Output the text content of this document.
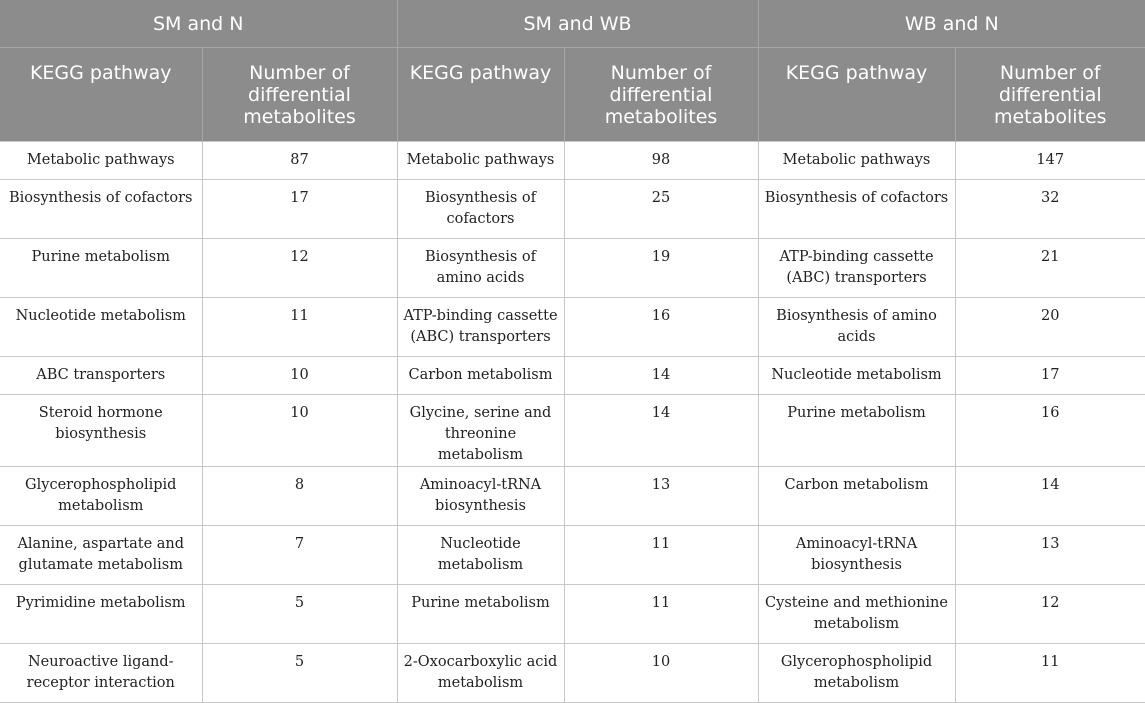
SM and N		SM and WB		WB and N	
KEGG pathway	Number of differential metabolites	KEGG pathway	Number of differential metabolites	KEGG pathway	Number of differential metabolites
Metabolic pathways	87	Metabolic pathways	98	Metabolic pathways	147
Biosynthesis of cofactors	17	Biosynthesis of cofactors	25	Biosynthesis of cofactors	32
Purine metabolism	12	Biosynthesis of amino acids	19	ATP-binding cassette (ABC) transporters	21
Nucleotide metabolism	11	ATP-binding cassette (ABC) transporters	16	Biosynthesis of amino acids	20
ABC transporters	10	Carbon metabolism	14	Nucleotide metabolism	17
Steroid hormone biosynthesis	10	Glycine, serine and threonine metabolism	14	Purine metabolism	16
Glycerophospholipid metabolism	8	Aminoacyl-tRNA biosynthesis	13	Carbon metabolism	14
Alanine, aspartate and glutamate metabolism	7	Nucleotide metabolism	11	Aminoacyl-tRNA biosynthesis	13
Pyrimidine metabolism	5	Purine metabolism	11	Cysteine and methionine metabolism	12
Neuroactive ligand-receptor interaction	5	2-Oxocarboxylic acid metabolism	10	Glycerophospholipid metabolism	11
